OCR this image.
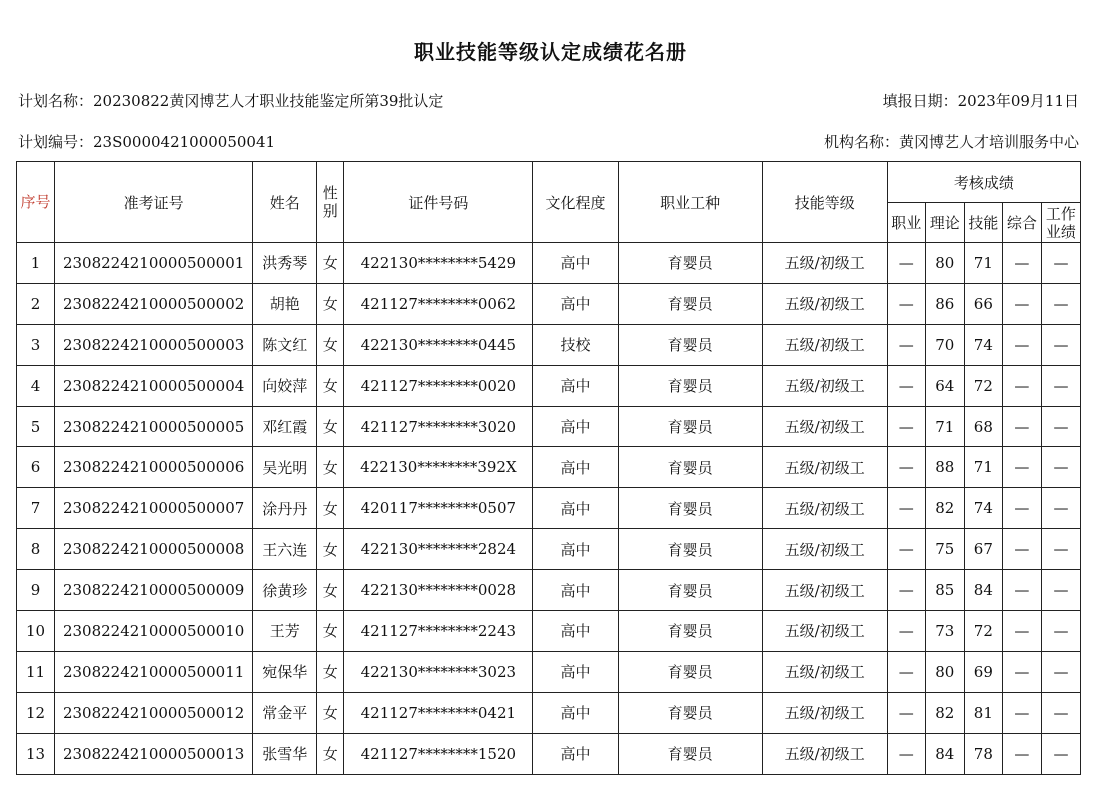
职业技能等级认定成绩花名册
计划名称：20230822黄冈博艺人才职业技能鉴定所第39批认定	填报日期：2023年09月11日
计划编号：23S0000421000050041	机构名称：黄冈博艺人才培训服务中心
序号	准考证号	姓名	性别	证件号码	文化程度	职业工种	技能等级	考核成绩				
								职业	理论	技能	综合	工作业绩
1	2308224210000500001	洪秀琴	女	422130********5429	高中	育婴员	五级/初级工	—	80	71	—	—
2	2308224210000500002	胡艳	女	421127********0062	高中	育婴员	五级/初级工	—	86	66	—	—
3	2308224210000500003	陈文红	女	422130********0445	技校	育婴员	五级/初级工	—	70	74	—	—
4	2308224210000500004	向姣萍	女	421127********0020	高中	育婴员	五级/初级工	—	64	72	—	—
5	2308224210000500005	邓红霞	女	421127********3020	高中	育婴员	五级/初级工	—	71	68	—	—
6	2308224210000500006	吴光明	女	422130********392X	高中	育婴员	五级/初级工	—	88	71	—	—
7	2308224210000500007	涂丹丹	女	420117********0507	高中	育婴员	五级/初级工	—	82	74	—	—
8	2308224210000500008	王六连	女	422130********2824	高中	育婴员	五级/初级工	—	75	67	—	—
9	2308224210000500009	徐黄珍	女	422130********0028	高中	育婴员	五级/初级工	—	85	84	—	—
10	2308224210000500010	王芳	女	421127********2243	高中	育婴员	五级/初级工	—	73	72	—	—
11	2308224210000500011	宛保华	女	422130********3023	高中	育婴员	五级/初级工	—	80	69	—	—
12	2308224210000500012	常金平	女	421127********0421	高中	育婴员	五级/初级工	—	82	81	—	—
13	2308224210000500013	张雪华	女	421127********1520	高中	育婴员	五级/初级工	—	84	78	—	—
